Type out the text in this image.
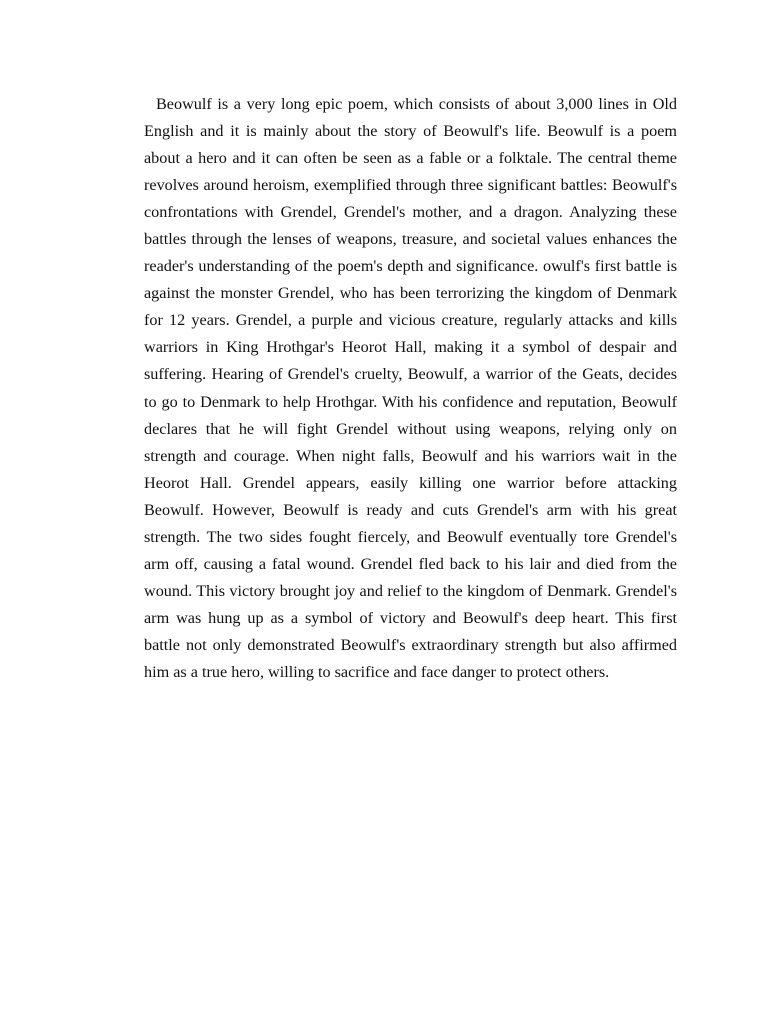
Beowulf is a very long epic poem, which consists of about 3,000 lines in Old English and it is mainly about the story of Beowulf's life. Beowulf is a poem about a hero and it can often be seen as a fable or a folktale. The central theme revolves around heroism, exemplified through three significant battles: Beowulf's confrontations with Grendel, Grendel's mother, and a dragon. Analyzing these battles through the lenses of weapons, treasure, and societal values enhances the reader's understanding of the poem's depth and significance. owulf's first battle is against the monster Grendel, who has been terrorizing the kingdom of Denmark for 12 years. Grendel, a purple and vicious creature, regularly attacks and kills warriors in King Hrothgar's Heorot Hall, making it a symbol of despair and suffering. Hearing of Grendel's cruelty, Beowulf, a warrior of the Geats, decides to go to Denmark to help Hrothgar. With his confidence and reputation, Beowulf declares that he will fight Grendel without using weapons, relying only on strength and courage. When night falls, Beowulf and his warriors wait in the Heorot Hall. Grendel appears, easily killing one warrior before attacking Beowulf. However, Beowulf is ready and cuts Grendel's arm with his great strength. The two sides fought fiercely, and Beowulf eventually tore Grendel's arm off, causing a fatal wound. Grendel fled back to his lair and died from the wound. This victory brought joy and relief to the kingdom of Denmark. Grendel's arm was hung up as a symbol of victory and Beowulf's deep heart. This first battle not only demonstrated Beowulf's extraordinary strength but also affirmed him as a true hero, willing to sacrifice and face danger to protect others.
